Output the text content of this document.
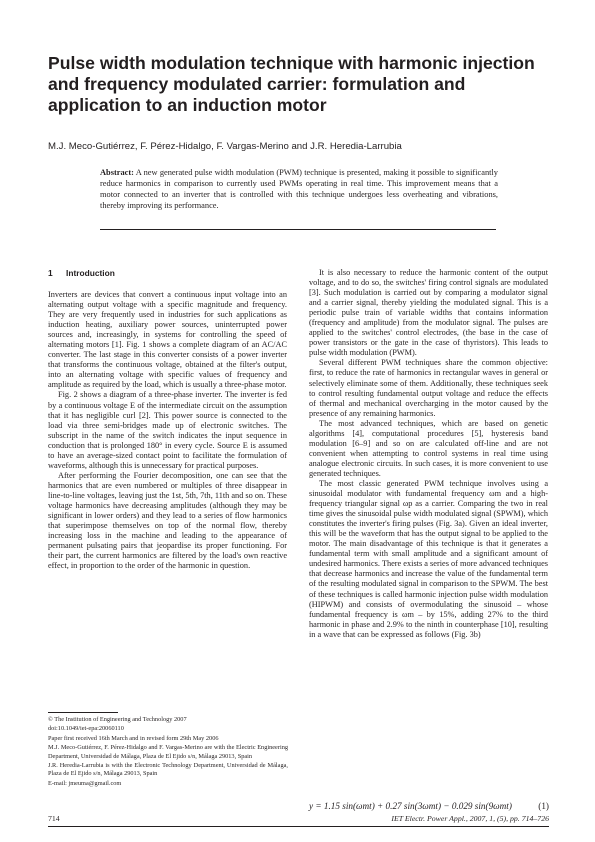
Pulse width modulation technique with harmonic injection and frequency modulated carrier: formulation and application to an induction motor

M.J. Meco-Gutiérrez, F. Pérez-Hidalgo, F. Vargas-Merino and J.R. Heredia-Larrubia

Abstract: A new generated pulse width modulation (PWM) technique is presented, making it possible to significantly reduce harmonics in comparison to currently used PWMs operating in real time. This improvement means that a motor connected to an inverter that is controlled with this technique undergoes less overheating and vibrations, thereby improving its performance.

1 Introduction

Inverters are devices that convert a continuous input voltage into an alternating output voltage with a specific magnitude and frequency. They are very frequently used in industries for such applications as induction heating, auxiliary power sources, uninterrupted power sources and, increasingly, in systems for controlling the speed of alternating motors [1]. Fig. 1 shows a complete diagram of an AC/AC converter. The last stage in this converter consists of a power inverter that transforms the continuous voltage, obtained at the filter's output, into an alternating voltage with specific values of frequency and amplitude as required by the load, which is usually a three-phase motor.

Fig. 2 shows a diagram of a three-phase inverter. The inverter is fed by a continuous voltage E of the intermediate circuit on the assumption that it has negligible curl [2]. This power source is connected to the load via three semi-bridges made up of electronic switches. The subscript in the name of the switch indicates the input sequence in conduction that is prolonged 180° in every cycle. Source E is assumed to have an average-sized contact point to facilitate the formulation of waveforms, although this is unnecessary for practical purposes.

After performing the Fourier decomposition, one can see that the harmonics that are even numbered or multiples of three disappear in line-to-line voltages, leaving just the 1st, 5th, 7th, 11th and so on. These voltage harmonics have decreasing amplitudes (although they may be significant in lower orders) and they lead to a series of flow harmonics that superimpose themselves on top of the normal flow, thereby increasing loss in the machine and leading to the appearance of permanent pulsating pairs that jeopardise its proper functioning. For their part, the current harmonics are filtered by the load's own reactive effect, in proportion to the order of the harmonic in question.

It is also necessary to reduce the harmonic content of the output voltage, and to do so, the switches' firing control signals are modulated [3]. Such modulation is carried out by comparing a modulator signal and a carrier signal, thereby yielding the modulated signal. This is a periodic pulse train of variable widths that contains information (frequency and amplitude) from the modulator signal. The pulses are applied to the switches' control electrodes, (the base in the case of power transistors or the gate in the case of thyristors). This leads to pulse width modulation (PWM).

Several different PWM techniques share the common objective: first, to reduce the rate of harmonics in rectangular waves in general or selectively eliminate some of them. Additionally, these techniques seek to control resulting fundamental output voltage and reduce the effects of thermal and mechanical overcharging in the motor caused by the presence of any remaining harmonics.

The most advanced techniques, which are based on genetic algorithms [4], computational procedures [5], hysteresis band modulation [6–9] and so on are calculated off-line and are not convenient when attempting to control systems in real time using analogue electronic circuits. In such cases, it is more convenient to use generated techniques.

The most classic generated PWM technique involves using a sinusoidal modulator with fundamental frequency ωm and a high-frequency triangular signal ωp as a carrier. Comparing the two in real time gives the sinusoidal pulse width modulated signal (SPWM), which constitutes the inverter's firing pulses (Fig. 3a). Given an ideal inverter, this will be the waveform that has the output signal to be applied to the motor. The main disadvantage of this technique is that it generates a fundamental term with small amplitude and a significant amount of undesired harmonics. There exists a series of more advanced techniques that decrease harmonics and increase the value of the fundamental term of the resulting modulated signal in comparison to the SPWM. The best of these techniques is called harmonic injection pulse width modulation (HIPWM) and consists of overmodulating the sinusoid – whose fundamental frequency is ωm – by 15%, adding 27% to the third harmonic in phase and 2.9% to the ninth in counterphase [10], resulting in a wave that can be expressed as follows (Fig. 3b)

© The Institution of Engineering and Technology 2007

doi:10.1049/iet-epa:20060110

Paper first received 16th March and in revised form 29th May 2006

M.J. Meco-Gutiérrez, F. Pérez-Hidalgo and F. Vargas-Merino are with the Electric Engineering Department, Universidad de Málaga, Plaza de El Ejido s/n, Málaga 29013, Spain

J.R. Heredia-Larrubia is with the Electronic Technology Department, Universidad de Málaga, Plaza de El Ejido s/n, Málaga 29013, Spain

E-mail: jmeuma@gmail.com

y = 1.15 sin(ωmt) + 0.27 sin(3ωmt) − 0.029 sin(9ωmt)	(1)
714	IET Electr. Power Appl., 2007, 1, (5), pp. 714–726
